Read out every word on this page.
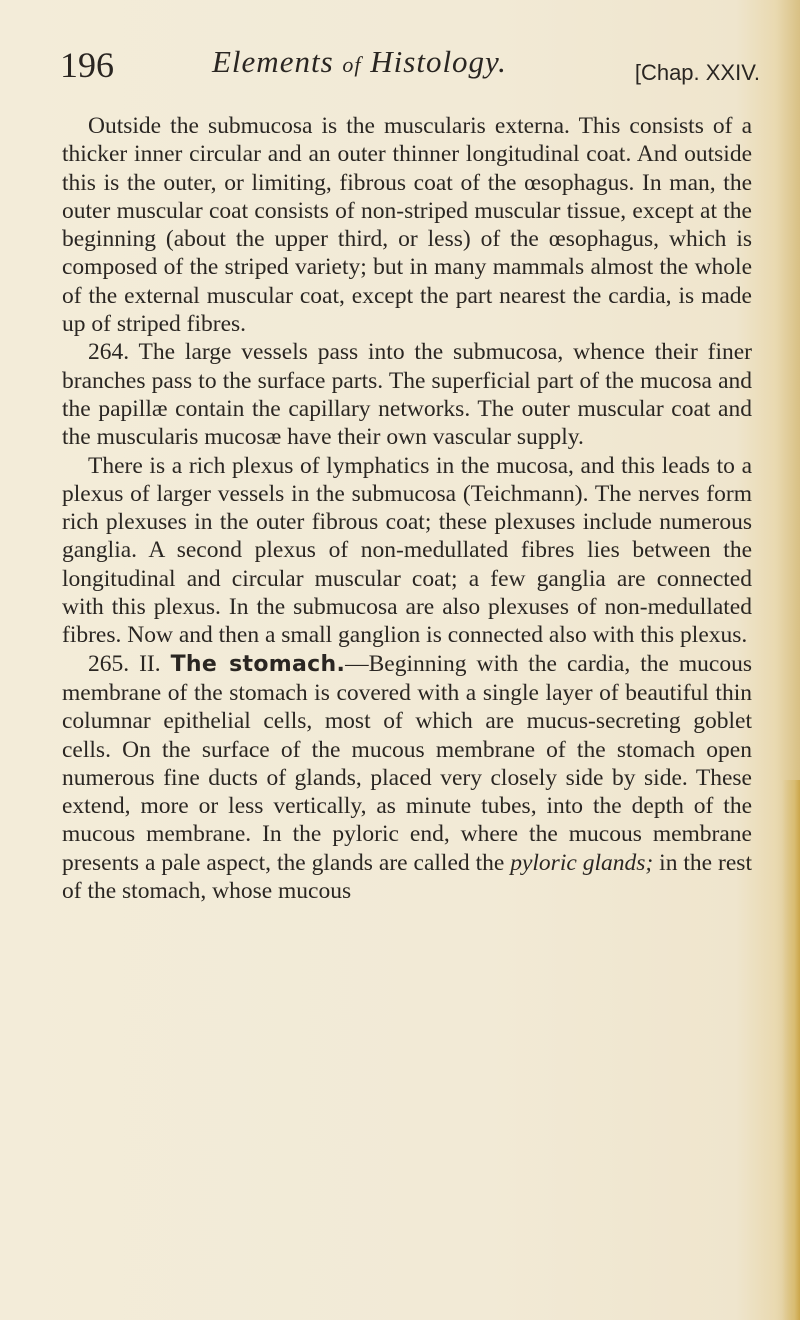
196	Elements of Histology.	[Chap. XXIV.

Outside the submucosa is the muscularis externa. This consists of a thicker inner circular and an outer thinner longitudinal coat. And outside this is the outer, or limiting, fibrous coat of the œsophagus. In man, the outer muscular coat consists of non-striped muscular tissue, except at the beginning (about the upper third, or less) of the œsophagus, which is composed of the striped variety; but in many mammals almost the whole of the external muscular coat, except the part nearest the cardia, is made up of striped fibres.

264. The large vessels pass into the submucosa, whence their finer branches pass to the surface parts. The superficial part of the mucosa and the papillæ contain the capillary networks. The outer muscular coat and the muscularis mucosæ have their own vascular supply.

There is a rich plexus of lymphatics in the mucosa, and this leads to a plexus of larger vessels in the submucosa (Teichmann). The nerves form rich plexuses in the outer fibrous coat; these plexuses include numerous ganglia. A second plexus of non-medullated fibres lies between the longitudinal and circular muscular coat; a few ganglia are connected with this plexus. In the submucosa are also plexuses of non-medullated fibres. Now and then a small ganglion is connected also with this plexus.

265. II. The stomach.—Beginning with the cardia, the mucous membrane of the stomach is covered with a single layer of beautiful thin columnar epithelial cells, most of which are mucus-secreting goblet cells. On the surface of the mucous membrane of the stomach open numerous fine ducts of glands, placed very closely side by side. These extend, more or less vertically, as minute tubes, into the depth of the mucous membrane. In the pyloric end, where the mucous membrane presents a pale aspect, the glands are called the pyloric glands; in the rest of the stomach, whose mucous
